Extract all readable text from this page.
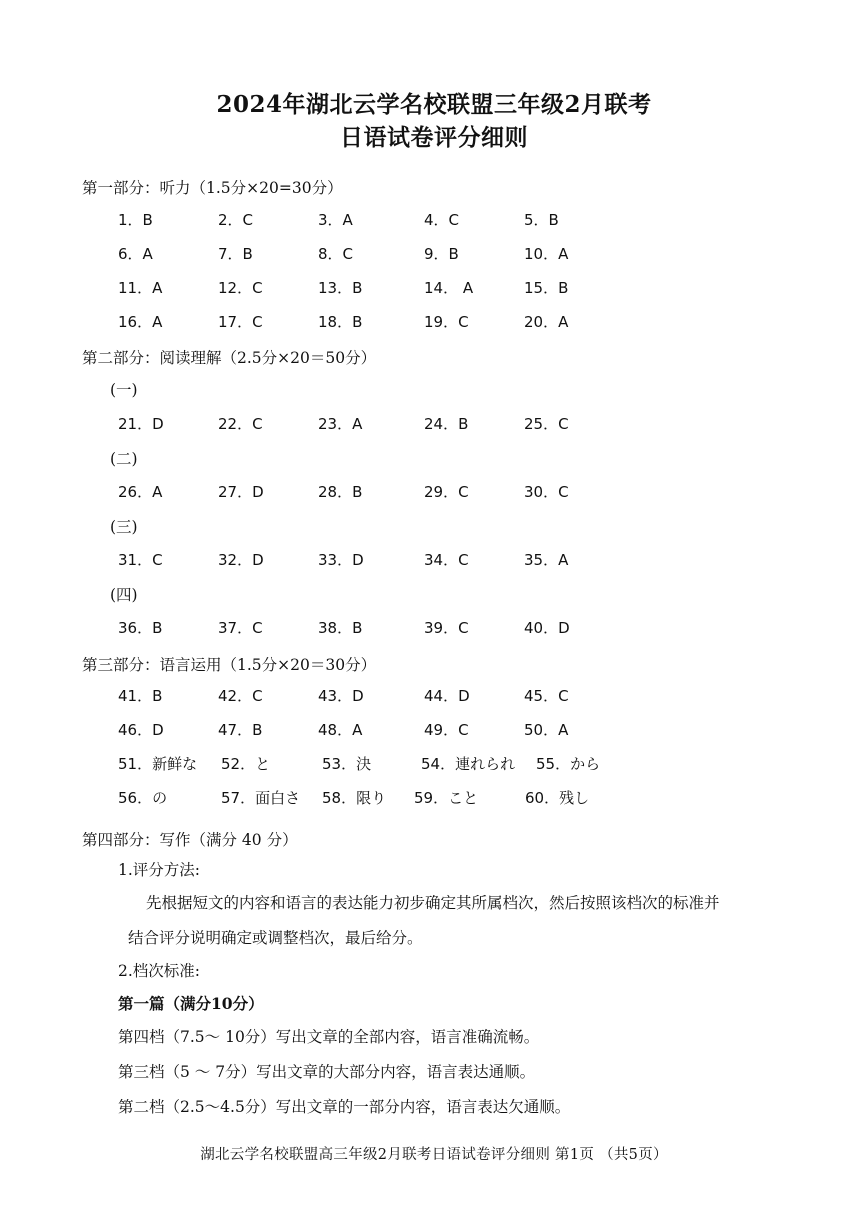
2024年湖北云学名校联盟三年级2月联考
日语试卷评分细则
第一部分：听力（1.5分×20=30分）
1．B	2．C	3．A	4．C	5．B
6．A	7．B	8．C	9．B	10．A
11．A	12．C	13．B	14． A	15．B
16．A	17．C	18．B	19．C	20．A
第二部分：阅读理解（2.5分×20＝50分）
(一)
21．D	22．C	23．A	24．B	25．C
(二)
26．A	27．D	28．B	29．C	30．C
(三)
31．C	32．D	33．D	34．C	35．A
(四)
36．B	37．C	38．B	39．C	40．D
第三部分：语言运用（1.5分×20＝30分）
41．B	42．C	43．D	44．D	45．C
46．D	47．B	48．A	49．C	50．A
51．新鲜な 52．と	53．決	54．連れられ 55．から
56．の	57．面白さ 58．限り 59．こと	60．残し
第四部分：写作（满分 40 分）
1.评分方法:
先根据短文的内容和语言的表达能力初步确定其所属档次，然后按照该档次的标准并
结合评分说明确定或调整档次，最后给分。
2.档次标准:
第一篇（满分10分）
第四档（7.5～ 10分）写出文章的全部内容，语言准确流畅。
第三档（5 ～ 7分）写出文章的大部分内容，语言表达通顺。
第二档（2.5～4.5分）写出文章的一部分内容，语言表达欠通顺。
湖北云学名校联盟高三年级2月联考日语试卷评分细则 第1页 （共5页）
